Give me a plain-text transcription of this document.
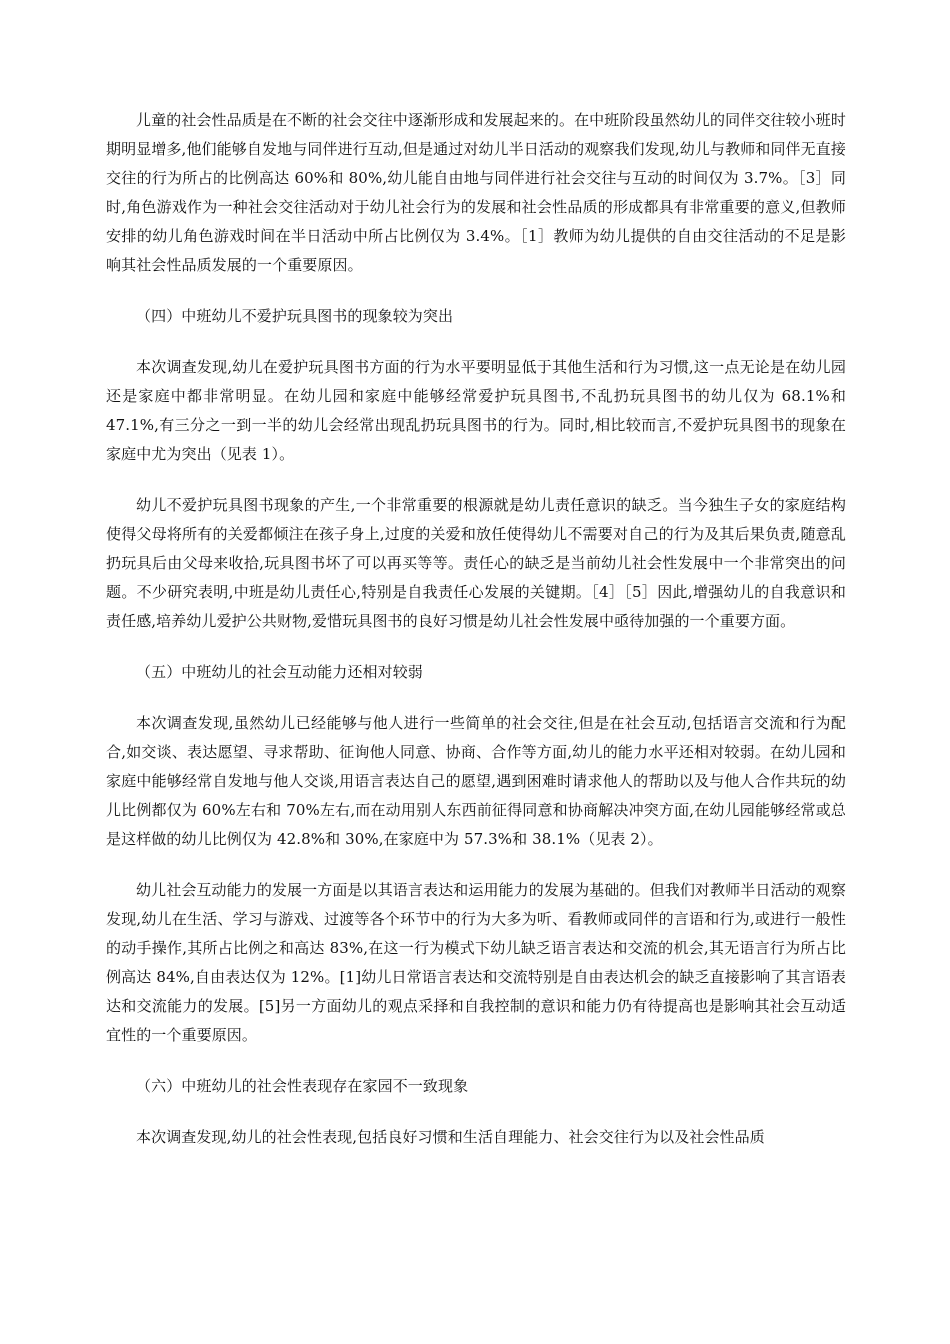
儿童的社会性品质是在不断的社会交往中逐渐形成和发展起来的。在中班阶段虽然幼儿的同伴交往较小班时期明显增多,他们能够自发地与同伴进行互动,但是通过对幼儿半日活动的观察我们发现,幼儿与教师和同伴无直接交往的行为所占的比例高达 60%和 80%,幼儿能自由地与同伴进行社会交往与互动的时间仅为 3.7%。［3］同时,角色游戏作为一种社会交往活动对于幼儿社会行为的发展和社会性品质的形成都具有非常重要的意义,但教师安排的幼儿角色游戏时间在半日活动中所占比例仅为 3.4%。［1］教师为幼儿提供的自由交往活动的不足是影响其社会性品质发展的一个重要原因。

（四）中班幼儿不爱护玩具图书的现象较为突出

本次调查发现,幼儿在爱护玩具图书方面的行为水平要明显低于其他生活和行为习惯,这一点无论是在幼儿园还是家庭中都非常明显。在幼儿园和家庭中能够经常爱护玩具图书,不乱扔玩具图书的幼儿仅为 68.1%和 47.1%,有三分之一到一半的幼儿会经常出现乱扔玩具图书的行为。同时,相比较而言,不爱护玩具图书的现象在家庭中尤为突出（见表 1）。

幼儿不爱护玩具图书现象的产生,一个非常重要的根源就是幼儿责任意识的缺乏。当今独生子女的家庭结构使得父母将所有的关爱都倾注在孩子身上,过度的关爱和放任使得幼儿不需要对自己的行为及其后果负责,随意乱扔玩具后由父母来收拾,玩具图书坏了可以再买等等。责任心的缺乏是当前幼儿社会性发展中一个非常突出的问题。不少研究表明,中班是幼儿责任心,特别是自我责任心发展的关键期。［4］［5］因此,增强幼儿的自我意识和责任感,培养幼儿爱护公共财物,爱惜玩具图书的良好习惯是幼儿社会性发展中亟待加强的一个重要方面。

（五）中班幼儿的社会互动能力还相对较弱

本次调查发现,虽然幼儿已经能够与他人进行一些简单的社会交往,但是在社会互动,包括语言交流和行为配合,如交谈、表达愿望、寻求帮助、征询他人同意、协商、合作等方面,幼儿的能力水平还相对较弱。在幼儿园和家庭中能够经常自发地与他人交谈,用语言表达自己的愿望,遇到困难时请求他人的帮助以及与他人合作共玩的幼儿比例都仅为 60%左右和 70%左右,而在动用别人东西前征得同意和协商解决冲突方面,在幼儿园能够经常或总是这样做的幼儿比例仅为 42.8%和 30%,在家庭中为 57.3%和 38.1%（见表 2）。

幼儿社会互动能力的发展一方面是以其语言表达和运用能力的发展为基础的。但我们对教师半日活动的观察发现,幼儿在生活、学习与游戏、过渡等各个环节中的行为大多为听、看教师或同伴的言语和行为,或进行一般性的动手操作,其所占比例之和高达 83%,在这一行为模式下幼儿缺乏语言表达和交流的机会,其无语言行为所占比例高达 84%,自由表达仅为 12%。[1]幼儿日常语言表达和交流特别是自由表达机会的缺乏直接影响了其言语表达和交流能力的发展。[5]另一方面幼儿的观点采择和自我控制的意识和能力仍有待提高也是影响其社会互动适宜性的一个重要原因。

（六）中班幼儿的社会性表现存在家园不一致现象

本次调查发现,幼儿的社会性表现,包括良好习惯和生活自理能力、社会交往行为以及社会性品质
